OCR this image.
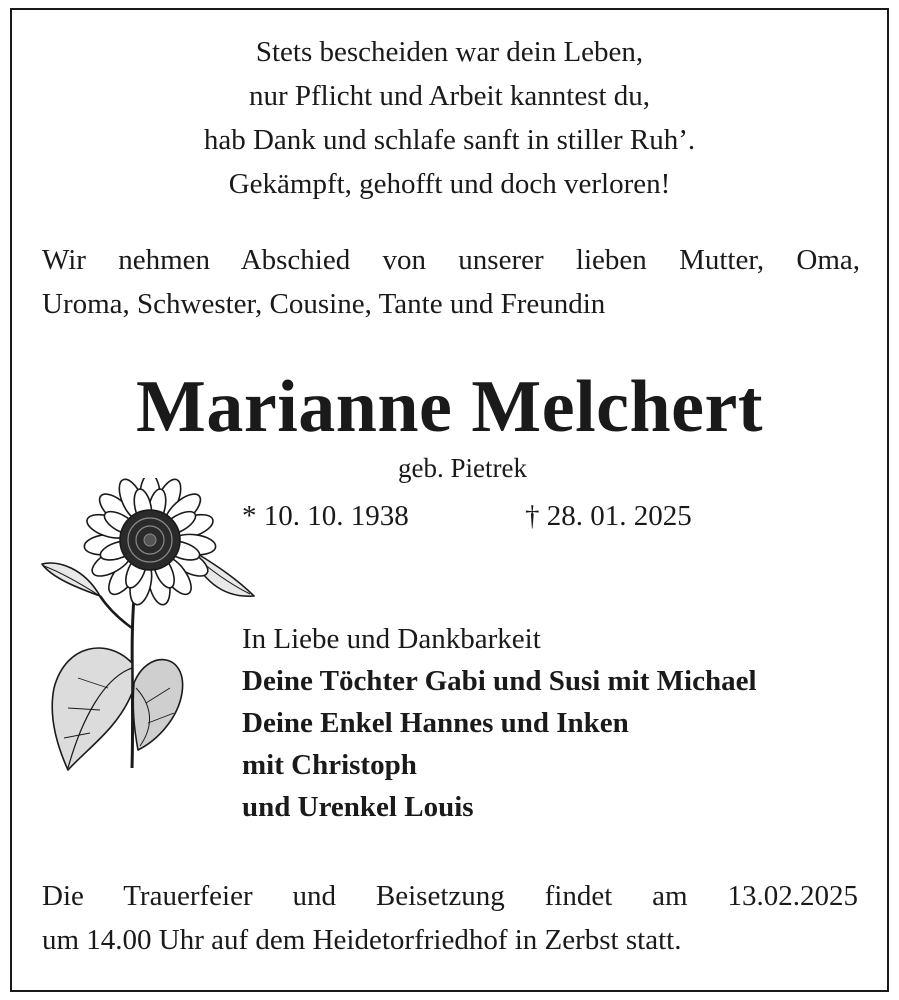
Stets bescheiden war dein Leben,
nur Pflicht und Arbeit kanntest du,
hab Dank und schlafe sanft in stiller Ruh’.
Gekämpft, gehofft und doch verloren!
Wir nehmen Abschied von unserer lieben Mutter, Oma,
Uroma, Schwester, Cousine, Tante und Freundin
Marianne Melchert
geb. Pietrek
* 10. 10. 1938	† 28. 01. 2025
In Liebe und Dankbarkeit
Deine Töchter Gabi und Susi mit Michael
Deine Enkel Hannes und Inken
mit Christoph
und Urenkel Louis
Die Trauerfeier und Beisetzung findet am 13.02.2025
um 14.00 Uhr auf dem Heidetorfriedhof in Zerbst statt.
